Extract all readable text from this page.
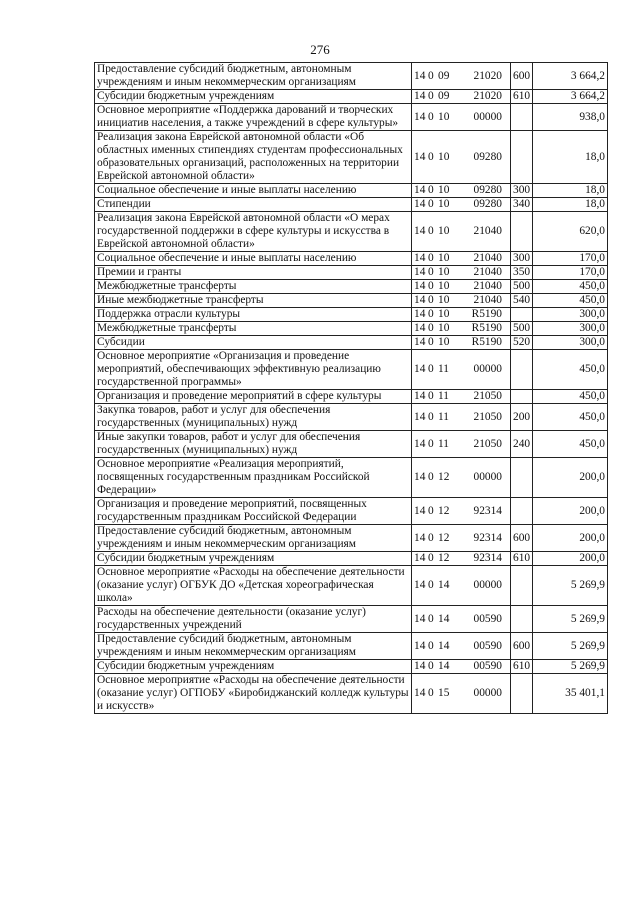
276
Предоставление субсидий бюджетным, автономным учреждениям и иным некоммерческим организациям	14 0 09 21020	600	3 664,2
Субсидии бюджетным учреждениям	14 0 09 21020	610	3 664,2
Основное мероприятие «Поддержка дарований и творческих инициатив населения, а также учреждений в сфере культуры»	14 0 10 00000		938,0
Реализация закона Еврейской автономной области «Об областных именных стипендиях студентам профессиональных образовательных организаций, расположенных на территории Еврейской автономной области»	14 0 10 09280		18,0
Социальное обеспечение и иные выплаты населению	14 0 10 09280	300	18,0
Стипендии	14 0 10 09280	340	18,0
Реализация закона Еврейской автономной области «О мерах государственной поддержки в сфере культуры и искусства в Еврейской автономной области»	14 0 10 21040		620,0
Социальное обеспечение и иные выплаты населению	14 0 10 21040	300	170,0
Премии и гранты	14 0 10 21040	350	170,0
Межбюджетные трансферты	14 0 10 21040	500	450,0
Иные межбюджетные трансферты	14 0 10 21040	540	450,0
Поддержка отрасли культуры	14 0 10 R5190		300,0
Межбюджетные трансферты	14 0 10 R5190	500	300,0
Субсидии	14 0 10 R5190	520	300,0
Основное мероприятие «Организация и проведение мероприятий, обеспечивающих эффективную реализацию государственной программы»	14 0 11 00000		450,0
Организация и проведение мероприятий в сфере культуры	14 0 11 21050		450,0
Закупка товаров, работ и услуг для обеспечения государственных (муниципальных) нужд	14 0 11 21050	200	450,0
Иные закупки товаров, работ и услуг для обеспечения государственных (муниципальных) нужд	14 0 11 21050	240	450,0
Основное мероприятие «Реализация мероприятий, посвященных государственным праздникам Российской Федерации»	14 0 12 00000		200,0
Организация и проведение мероприятий, посвященных государственным праздникам Российской Федерации	14 0 12 92314		200,0
Предоставление субсидий бюджетным, автономным учреждениям и иным некоммерческим организациям	14 0 12 92314	600	200,0
Субсидии бюджетным учреждениям	14 0 12 92314	610	200,0
Основное мероприятие «Расходы на обеспечение деятельности (оказание услуг) ОГБУК ДО «Детская хореографическая школа»	14 0 14 00000		5 269,9
Расходы на обеспечение деятельности (оказание услуг) государственных учреждений	14 0 14 00590		5 269,9
Предоставление субсидий бюджетным, автономным учреждениям и иным некоммерческим организациям	14 0 14 00590	600	5 269,9
Субсидии бюджетным учреждениям	14 0 14 00590	610	5 269,9
Основное мероприятие «Расходы на обеспечение деятельности (оказание услуг) ОГПОБУ «Биробиджанский колледж культуры и искусств»	14 0 15 00000		35 401,1
